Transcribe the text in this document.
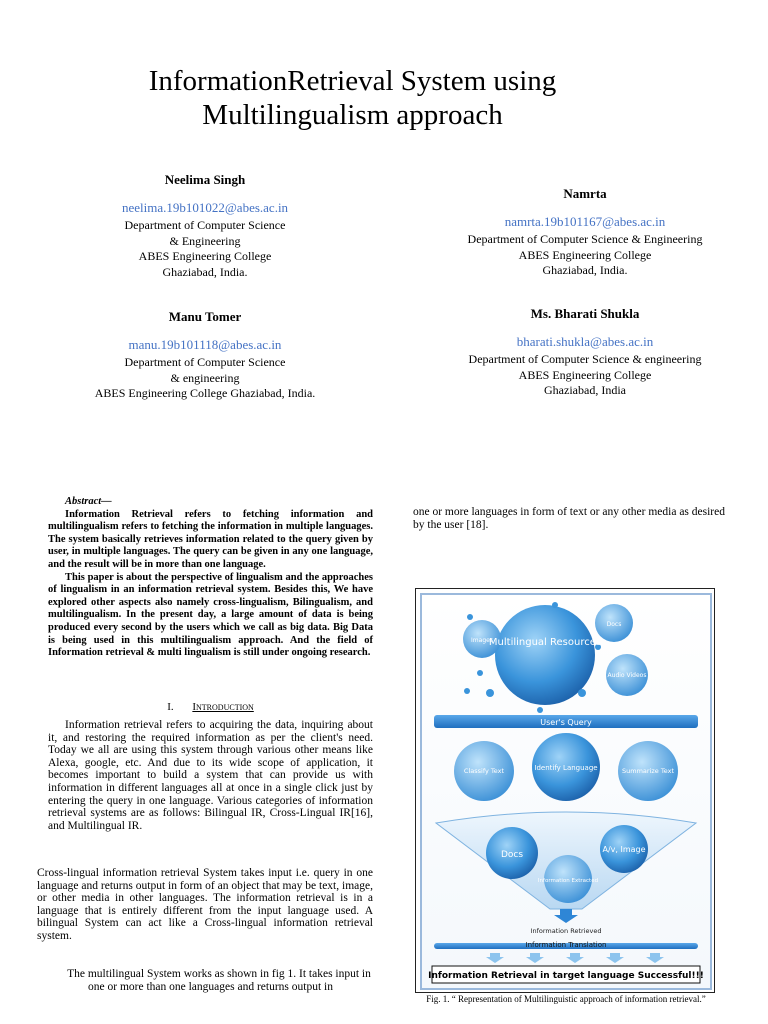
InformationRetrieval System using
Multilingualism approach
Neelima Singh
neelima.19b101022@abes.ac.in
Department of Computer Science
& Engineering
ABES Engineering College
Ghaziabad, India.
Namrta
namrta.19b101167@abes.ac.in
Department of Computer Science & Engineering
ABES Engineering College
Ghaziabad, India.
Manu Tomer
manu.19b101118@abes.ac.in
Department of Computer Science
& engineering
ABES Engineering College Ghaziabad, India.
Ms. Bharati Shukla
bharati.shukla@abes.ac.in
Department of Computer Science & engineering
ABES Engineering College
Ghaziabad, India
Abstract—

Information Retrieval refers to fetching information and multilingualism refers to fetching the information in multiple languages. The system basically retrieves information related to the query given by user, in multiple languages. The query can be given in any one language, and the result will be in more than one language.

This paper is about the perspective of lingualism and the approaches of lingualism in an information retrieval system. Besides this, We have explored other aspects also namely cross-lingualism, Bilingualism, and multilingualism. In the present day, a large amount of data is being produced every second by the users which we call as big data. Big Data is being used in this multilingualism approach. And the field of Information retrieval & multi lingualism is still under ongoing research.

I. Introduction

Information retrieval refers to acquiring the data, inquiring about it, and restoring the required information as per the client's need. Today we all are using this system through various other means like Alexa, google, etc. And due to its wide scope of application, it becomes important to build a system that can provide us with information in different languages all at once in a single click just by entering the query in one language. Various categories of information retrieval systems are as follows: Bilingual IR, Cross-Lingual IR[16], and Multilingual IR.

Cross-lingual information retrieval System takes input i.e. query in one language and returns output in form of an object that may be text, image, or other media in other languages. The information retrieval is in a language that is entirely different from the input language used. A bilingual System can act like a Cross-lingual information retrieval system.

The multilingual System works as shown in fig 1. It takes input in one or more than one languages and returns output in

one or more languages in form of text or any other media as desired by the user [18].
Multilingual Resources
Images
Docs
Audio Videos
User's Query
Classify Text	Identify Language	Summarize Text
Docs
A/v, Image
Information Extracted
Information Retrieved
Information Translation
Information Retrieval in target language Successful!!!
Fig. 1. “ Representation of Multilinguistic approach of information retrieval.”
